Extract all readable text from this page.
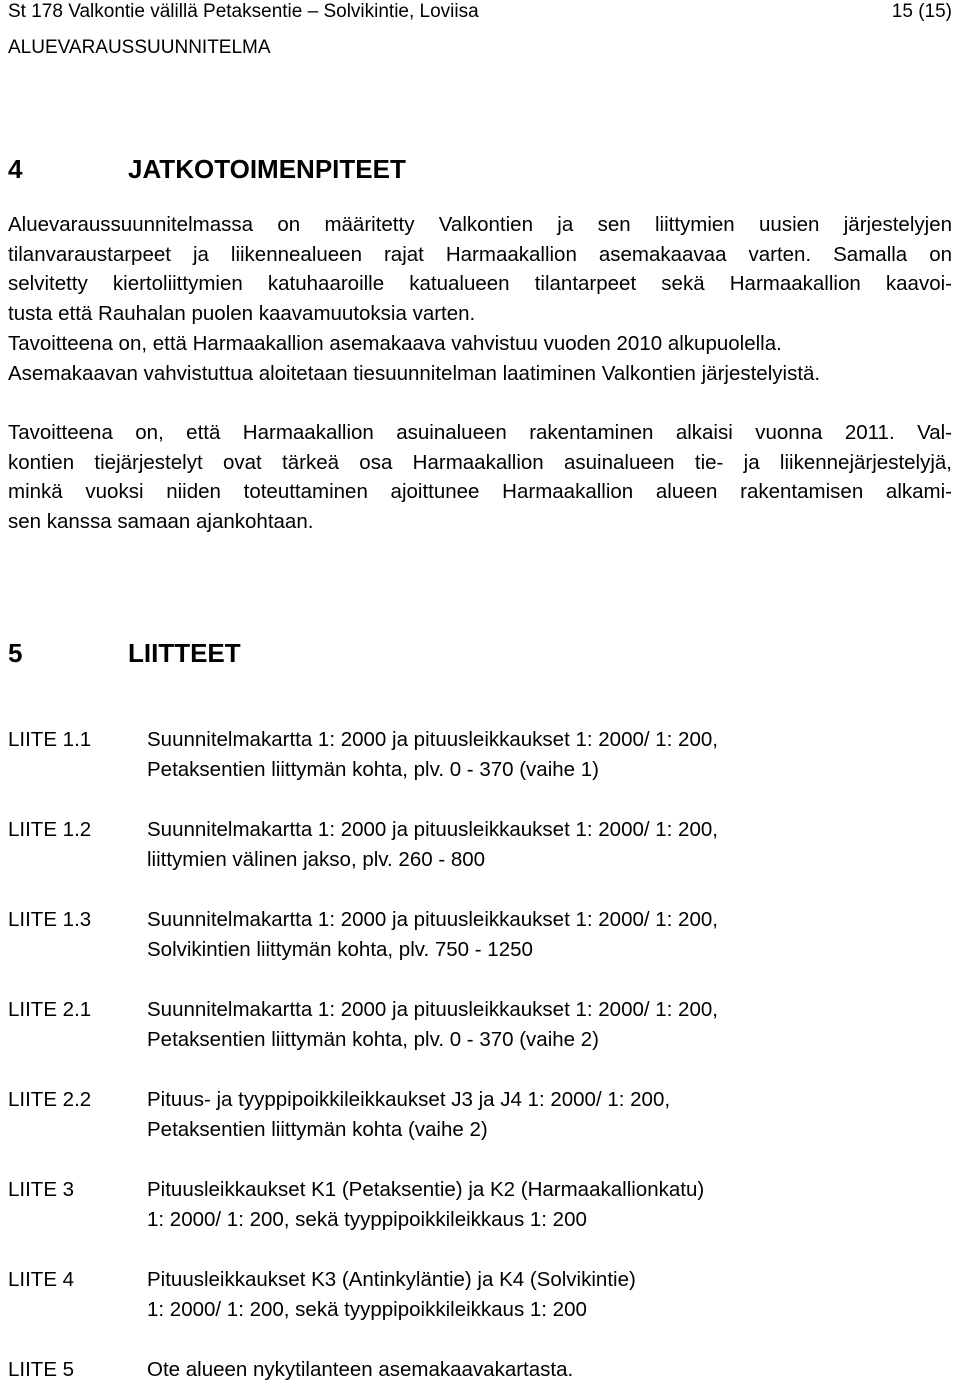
St 178 Valkontie välillä Petaksentie – Solvikintie, Loviisa	15 (15)
ALUEVARAUSSUUNNITELMA
4	JATKOTOIMENPITEET
Aluevaraussuunnitelmassa on määritetty Valkontien ja sen liittymien uusien järjestelyjen
tilanvaraustarpeet ja liikennealueen rajat Harmaakallion asemakaavaa varten. Samalla on
selvitetty kiertoliittymien katuhaaroille katualueen tilantarpeet sekä Harmaakallion kaavoi-
tusta että Rauhalan puolen kaavamuutoksia varten.
Tavoitteena on, että Harmaakallion asemakaava vahvistuu vuoden 2010 alkupuolella.
Asemakaavan vahvistuttua aloitetaan tiesuunnitelman laatiminen Valkontien järjestelyistä.
Tavoitteena on, että Harmaakallion asuinalueen rakentaminen alkaisi vuonna 2011. Val-
kontien tiejärjestelyt ovat tärkeä osa Harmaakallion asuinalueen tie- ja liikennejärjestelyjä,
minkä vuoksi niiden toteuttaminen ajoittunee Harmaakallion alueen rakentamisen alkami-
sen kanssa samaan ajankohtaan.
5	LIITTEET
LIITE 1.1	Suunnitelmakartta 1: 2000 ja pituusleikkaukset 1: 2000/ 1: 200,
Petaksentien liittymän kohta, plv. 0 - 370 (vaihe 1)
LIITE 1.2	Suunnitelmakartta 1: 2000 ja pituusleikkaukset 1: 2000/ 1: 200,
liittymien välinen jakso, plv. 260 - 800
LIITE 1.3	Suunnitelmakartta 1: 2000 ja pituusleikkaukset 1: 2000/ 1: 200,
Solvikintien liittymän kohta, plv. 750 - 1250
LIITE 2.1	Suunnitelmakartta 1: 2000 ja pituusleikkaukset 1: 2000/ 1: 200,
Petaksentien liittymän kohta, plv. 0 - 370 (vaihe 2)
LIITE 2.2	Pituus- ja tyyppipoikkileikkaukset J3 ja J4 1: 2000/ 1: 200,
Petaksentien liittymän kohta (vaihe 2)
LIITE 3	Pituusleikkaukset K1 (Petaksentie) ja K2 (Harmaakallionkatu)
1: 2000/ 1: 200, sekä tyyppipoikkileikkaus 1: 200
LIITE 4	Pituusleikkaukset K3 (Antinkyläntie) ja K4 (Solvikintie)
1: 2000/ 1: 200, sekä tyyppipoikkileikkaus 1: 200
LIITE 5	Ote alueen nykytilanteen asemakaavakartasta.
